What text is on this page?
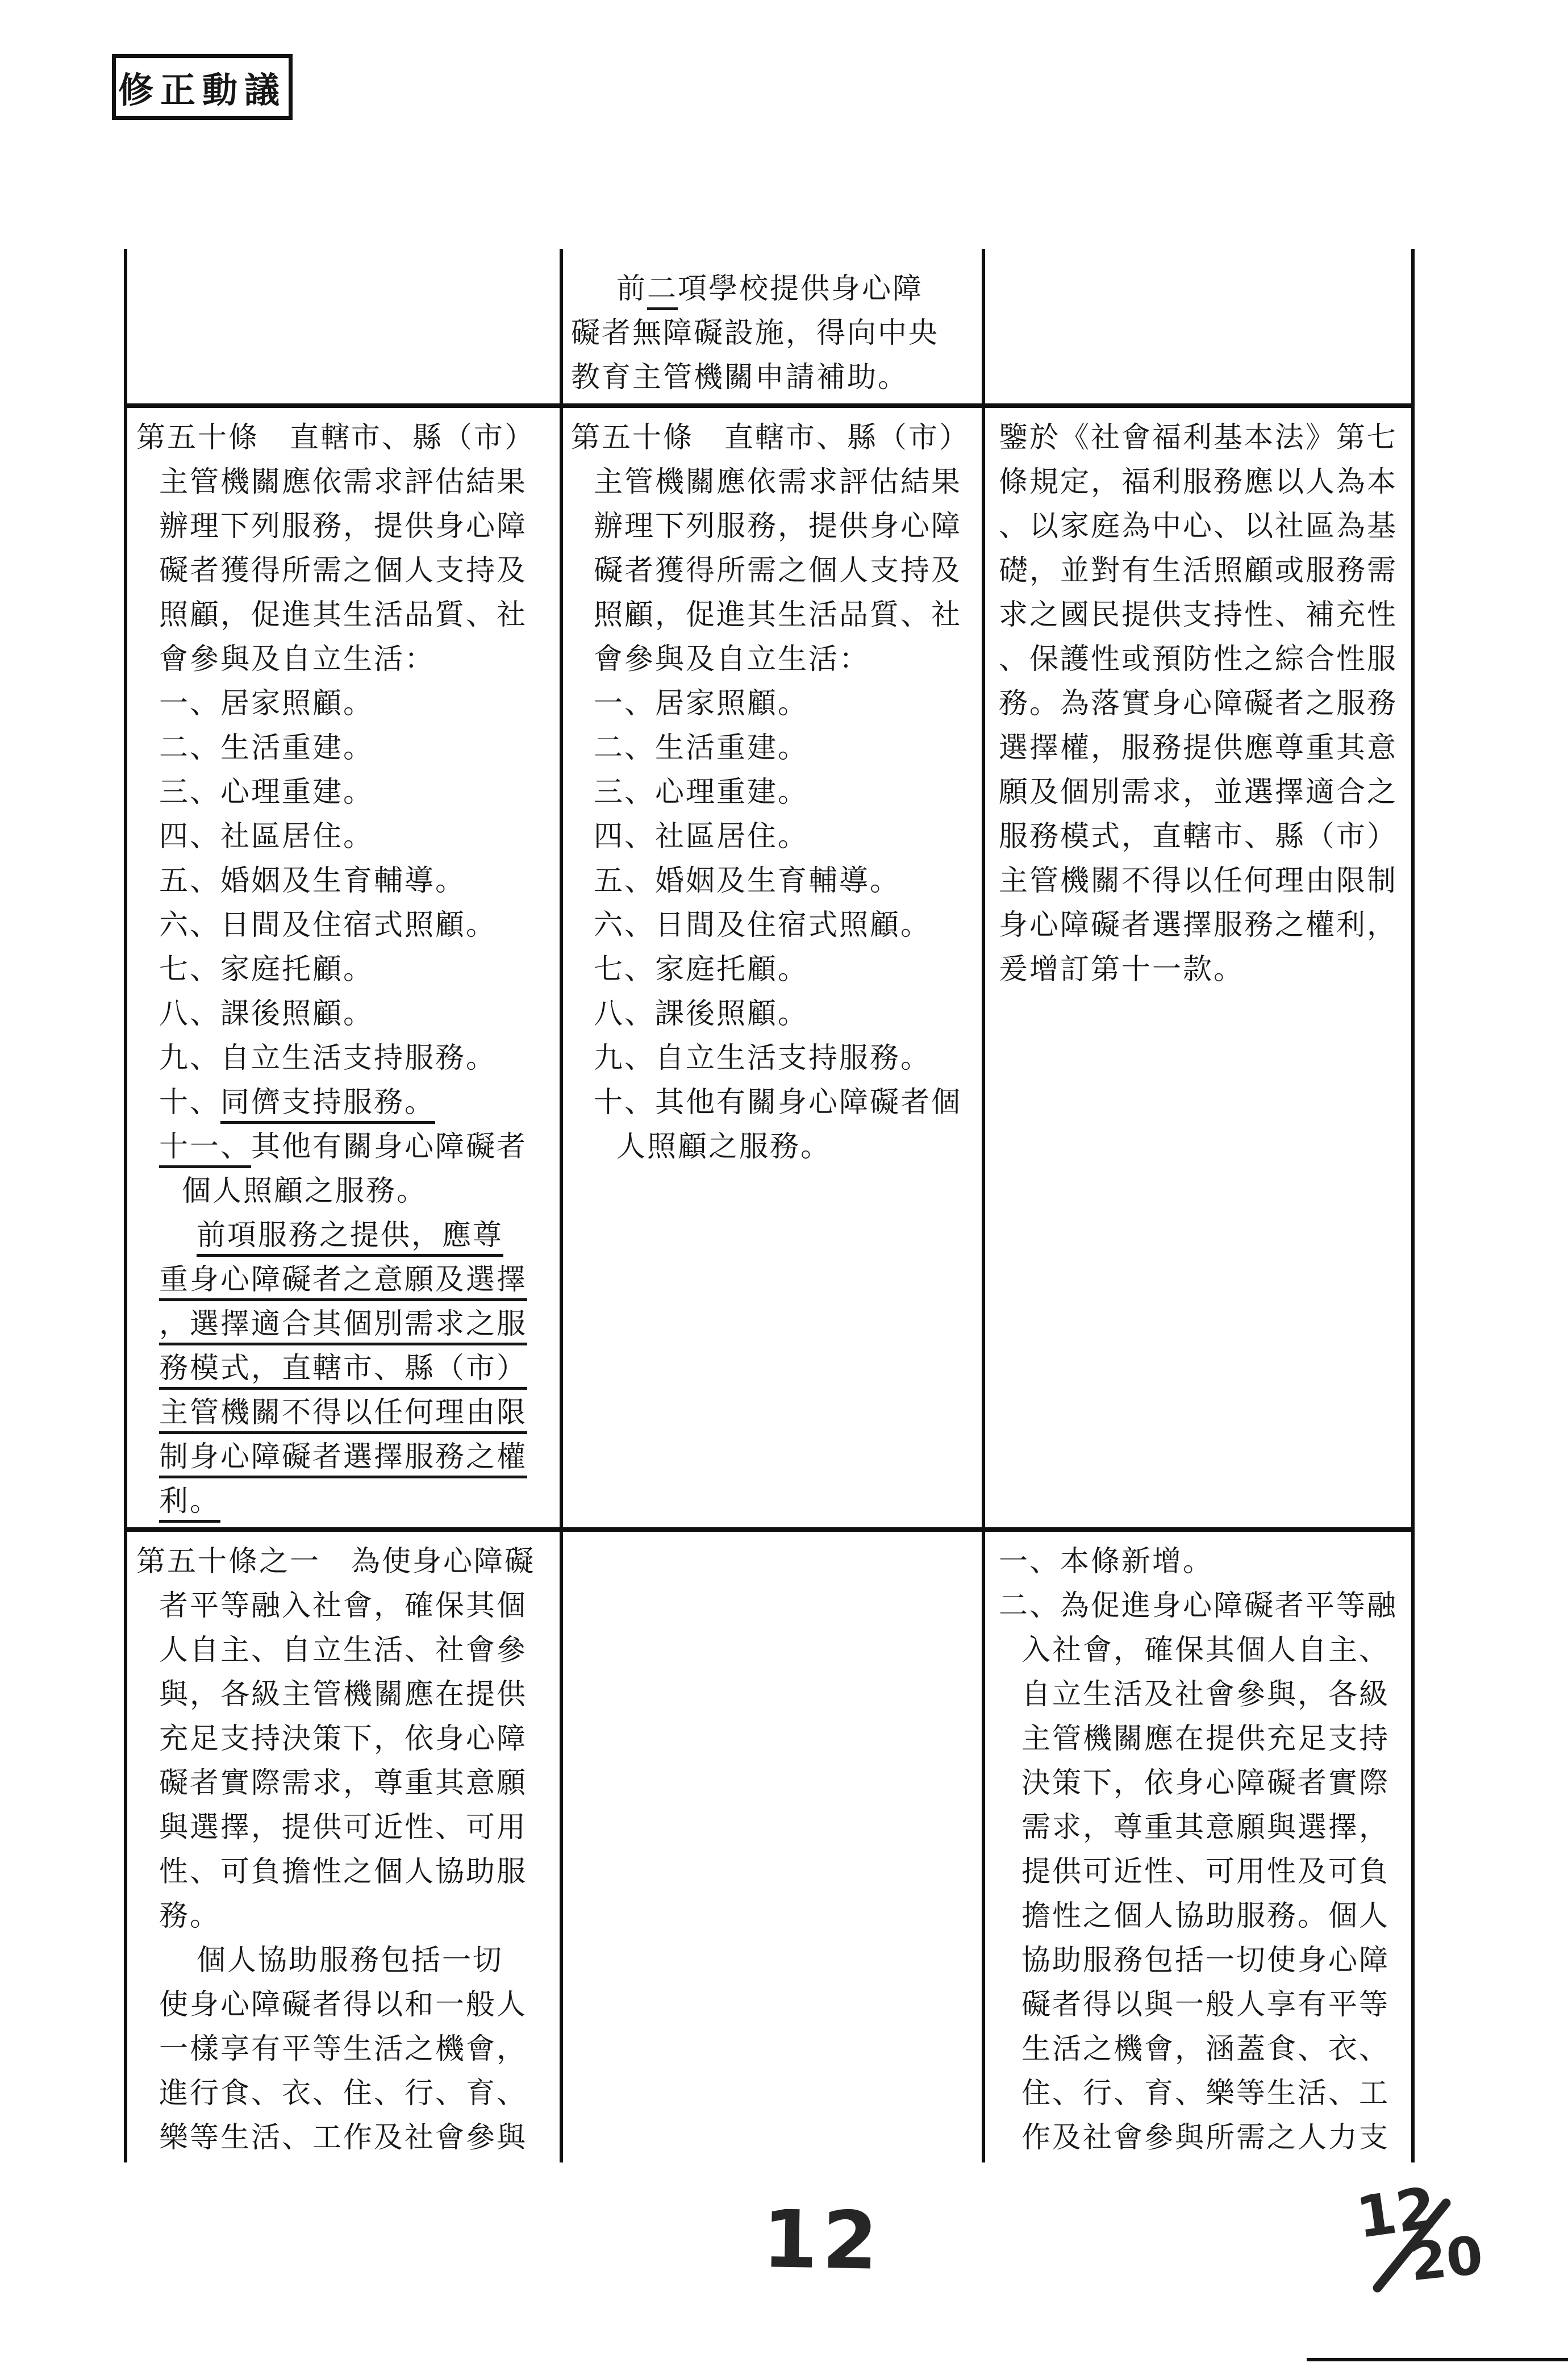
修正動議
前二項學校提供身心障
礙者無障礙設施，得向中央
教育主管機關申請補助。
第五十條　直轄市、縣（市）
主管機關應依需求評估結果
辦理下列服務，提供身心障
礙者獲得所需之個人支持及
照顧，促進其生活品質、社
會參與及自立生活：
一、居家照顧。
二、生活重建。
三、心理重建。
四、社區居住。
五、婚姻及生育輔導。
六、日間及住宿式照顧。
七、家庭托顧。
八、課後照顧。
九、自立生活支持服務。
十、同儕支持服務。
十一、其他有關身心障礙者
個人照顧之服務。
前項服務之提供，應尊
重身心障礙者之意願及選擇
，選擇適合其個別需求之服
務模式，直轄市、縣（市）
主管機關不得以任何理由限
制身心障礙者選擇服務之權
利。
第五十條　直轄市、縣（市）
主管機關應依需求評估結果
辦理下列服務，提供身心障
礙者獲得所需之個人支持及
照顧，促進其生活品質、社
會參與及自立生活：
一、居家照顧。
二、生活重建。
三、心理重建。
四、社區居住。
五、婚姻及生育輔導。
六、日間及住宿式照顧。
七、家庭托顧。
八、課後照顧。
九、自立生活支持服務。
十、其他有關身心障礙者個
人照顧之服務。
鑒於《社會福利基本法》第七
條規定，福利服務應以人為本
、以家庭為中心、以社區為基
礎，並對有生活照顧或服務需
求之國民提供支持性、補充性
、保護性或預防性之綜合性服
務。為落實身心障礙者之服務
選擇權，服務提供應尊重其意
願及個別需求，並選擇適合之
服務模式，直轄市、縣（市）
主管機關不得以任何理由限制
身心障礙者選擇服務之權利，
爰增訂第十一款。
第五十條之一　為使身心障礙
者平等融入社會，確保其個
人自主、自立生活、社會參
與，各級主管機關應在提供
充足支持決策下，依身心障
礙者實際需求，尊重其意願
與選擇，提供可近性、可用
性、可負擔性之個人協助服
務。
個人協助服務包括一切
使身心障礙者得以和一般人
一樣享有平等生活之機會，
進行食、衣、住、行、育、
樂等生活、工作及社會參與
一、本條新增。
二、為促進身心障礙者平等融
入社會，確保其個人自主、
自立生活及社會參與，各級
主管機關應在提供充足支持
決策下，依身心障礙者實際
需求，尊重其意願與選擇，
提供可近性、可用性及可負
擔性之個人協助服務。個人
協助服務包括一切使身心障
礙者得以與一般人享有平等
生活之機會，涵蓋食、衣、
住、行、育、樂等生活、工
作及社會參與所需之人力支
12	12
20
